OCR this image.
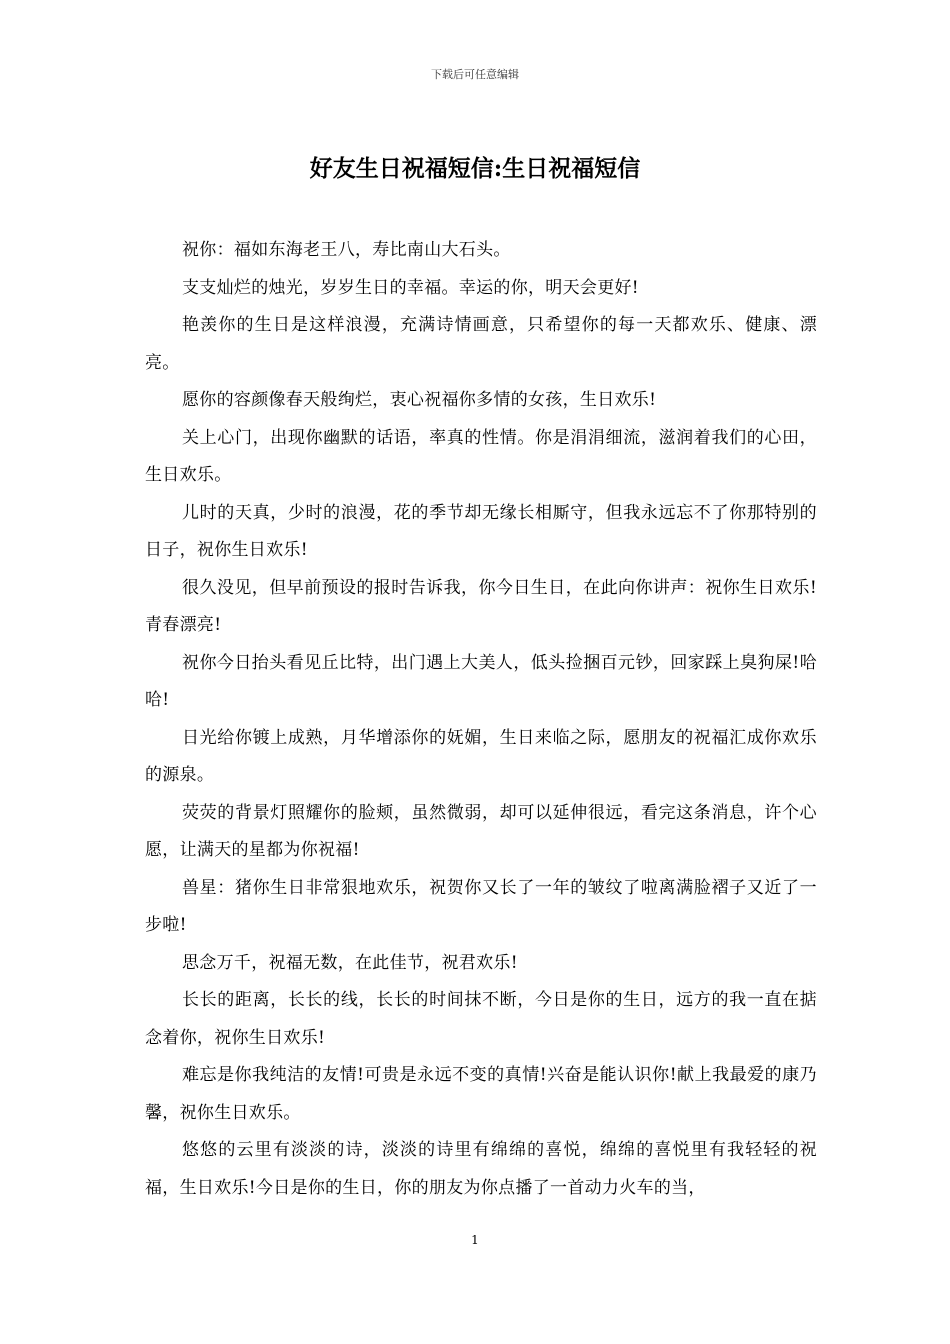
下载后可任意编辑
好友生日祝福短信:生日祝福短信

祝你：福如东海老王八，寿比南山大石头。

支支灿烂的烛光，岁岁生日的幸福。幸运的你，明天会更好!

艳羡你的生日是这样浪漫，充满诗情画意，只希望你的每一天都欢乐、健康、漂亮。

愿你的容颜像春天般绚烂，衷心祝福你多情的女孩，生日欢乐!

关上心门，出现你幽默的话语，率真的性情。你是涓涓细流，滋润着我们的心田，生日欢乐。

儿时的天真，少时的浪漫，花的季节却无缘长相厮守，但我永远忘不了你那特别的日子，祝你生日欢乐!

很久没见，但早前预设的报时告诉我，你今日生日，在此向你讲声：祝你生日欢乐!青春漂亮!

祝你今日抬头看见丘比特，出门遇上大美人，低头捡捆百元钞，回家踩上臭狗屎!哈哈!

日光给你镀上成熟，月华增添你的妩媚，生日来临之际，愿朋友的祝福汇成你欢乐的源泉。

荧荧的背景灯照耀你的脸颊，虽然微弱，却可以延伸很远，看完这条消息，许个心愿，让满天的星都为你祝福!

兽星：猪你生日非常狠地欢乐，祝贺你又长了一年的皱纹了啦离满脸褶子又近了一步啦!

思念万千，祝福无数，在此佳节，祝君欢乐!

长长的距离，长长的线，长长的时间抹不断，今日是你的生日，远方的我一直在掂念着你，祝你生日欢乐!

难忘是你我纯洁的友情!可贵是永远不变的真情!兴奋是能认识你!献上我最爱的康乃馨，祝你生日欢乐。

悠悠的云里有淡淡的诗，淡淡的诗里有绵绵的喜悦，绵绵的喜悦里有我轻轻的祝福，生日欢乐!今日是你的生日，你的朋友为你点播了一首动力火车的当，

1
